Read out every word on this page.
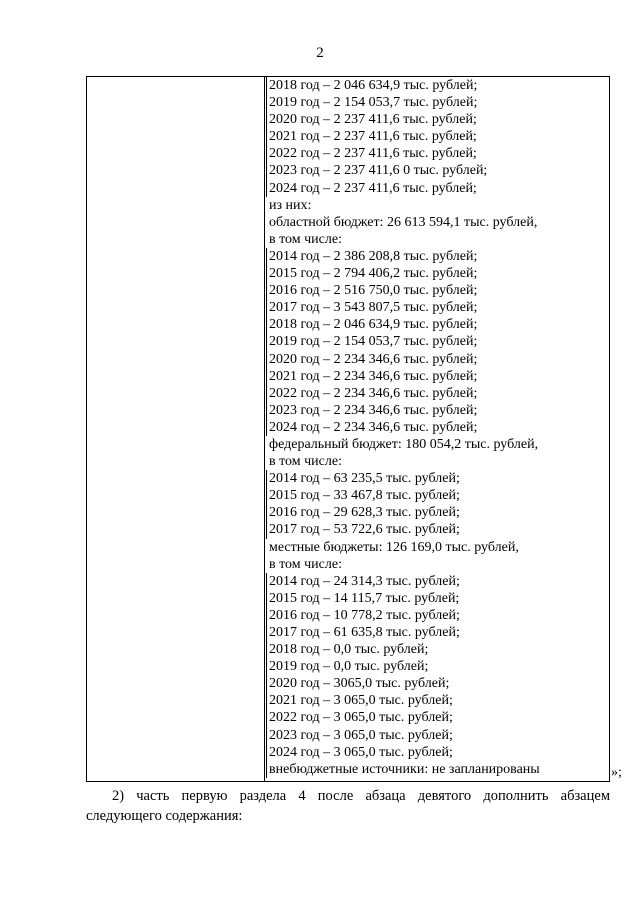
2
2018 год – 2 046 634,9 тыс. рублей;
2019 год – 2 154 053,7 тыс. рублей;
2020 год – 2 237 411,6 тыс. рублей;
2021 год – 2 237 411,6 тыс. рублей;
2022 год – 2 237 411,6 тыс. рублей;
2023 год – 2 237 411,6 0 тыс. рублей;
2024 год – 2 237 411,6 тыс. рублей;
из них:
областной бюджет: 26 613 594,1 тыс. рублей,
в том числе:
2014 год – 2 386 208,8 тыс. рублей;
2015 год – 2 794 406,2 тыс. рублей;
2016 год – 2 516 750,0 тыс. рублей;
2017 год – 3 543 807,5 тыс. рублей;
2018 год – 2 046 634,9 тыс. рублей;
2019 год – 2 154 053,7 тыс. рублей;
2020 год – 2 234 346,6 тыс. рублей;
2021 год – 2 234 346,6 тыс. рублей;
2022 год – 2 234 346,6 тыс. рублей;
2023 год – 2 234 346,6 тыс. рублей;
2024 год – 2 234 346,6 тыс. рублей;
федеральный бюджет: 180 054,2 тыс. рублей,
в том числе:
2014 год – 63 235,5 тыс. рублей;
2015 год – 33 467,8 тыс. рублей;
2016 год – 29 628,3 тыс. рублей;
2017 год – 53 722,6 тыс. рублей;
местные бюджеты: 126 169,0 тыс. рублей,
в том числе:
2014 год – 24 314,3 тыс. рублей;
2015 год – 14 115,7 тыс. рублей;
2016 год – 10 778,2 тыс. рублей;
2017 год – 61 635,8 тыс. рублей;
2018 год – 0,0 тыс. рублей;
2019 год – 0,0 тыс. рублей;
2020 год – 3065,0 тыс. рублей;
2021 год – 3 065,0 тыс. рублей;
2022 год – 3 065,0 тыс. рублей;
2023 год – 3 065,0 тыс. рублей;
2024 год – 3 065,0 тыс. рублей;
внебюджетные источники: не запланированы	»;
2) часть первую раздела 4 после абзаца девятого дополнить абзацем
следующего содержания:
